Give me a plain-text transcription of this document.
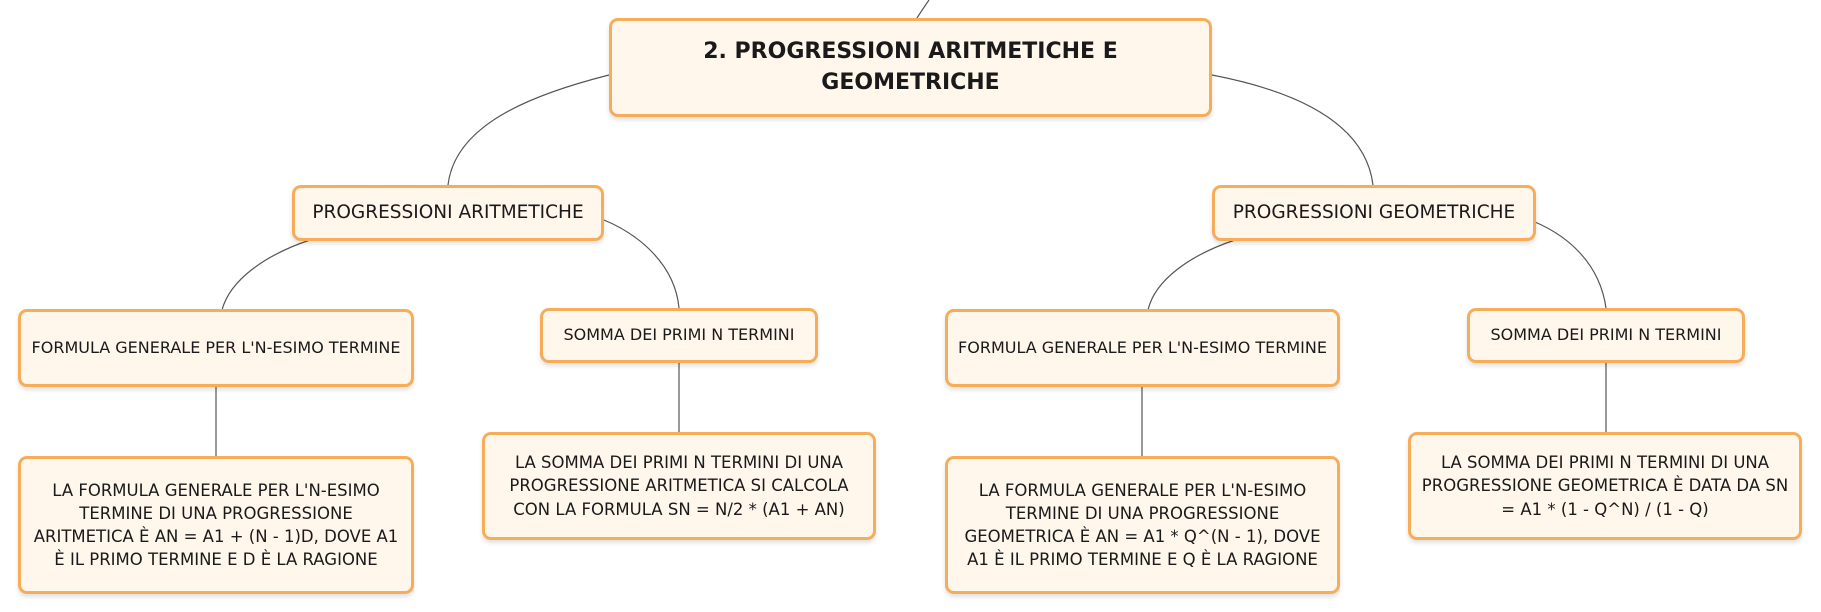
2. PROGRESSIONI ARITMETICHE E GEOMETRICHE
PROGRESSIONI ARITMETICHE	PROGRESSIONI GEOMETRICHE
FORMULA GENERALE PER L'N-ESIMO TERMINE
SOMMA DEI PRIMI N TERMINI
FORMULA GENERALE PER L'N-ESIMO TERMINE
SOMMA DEI PRIMI N TERMINI
LA FORMULA GENERALE PER L'N-ESIMO TERMINE DI UNA PROGRESSIONE ARITMETICA È AN = A1 + (N - 1)D, DOVE A1 È IL PRIMO TERMINE E D È LA RAGIONE
LA SOMMA DEI PRIMI N TERMINI DI UNA PROGRESSIONE ARITMETICA SI CALCOLA CON LA FORMULA SN = N/2 * (A1 + AN)
LA FORMULA GENERALE PER L'N-ESIMO TERMINE DI UNA PROGRESSIONE GEOMETRICA È AN = A1 * Q^(N - 1), DOVE A1 È IL PRIMO TERMINE E Q È LA RAGIONE
LA SOMMA DEI PRIMI N TERMINI DI UNA PROGRESSIONE GEOMETRICA È DATA DA SN = A1 * (1 - Q^N) / (1 - Q)
